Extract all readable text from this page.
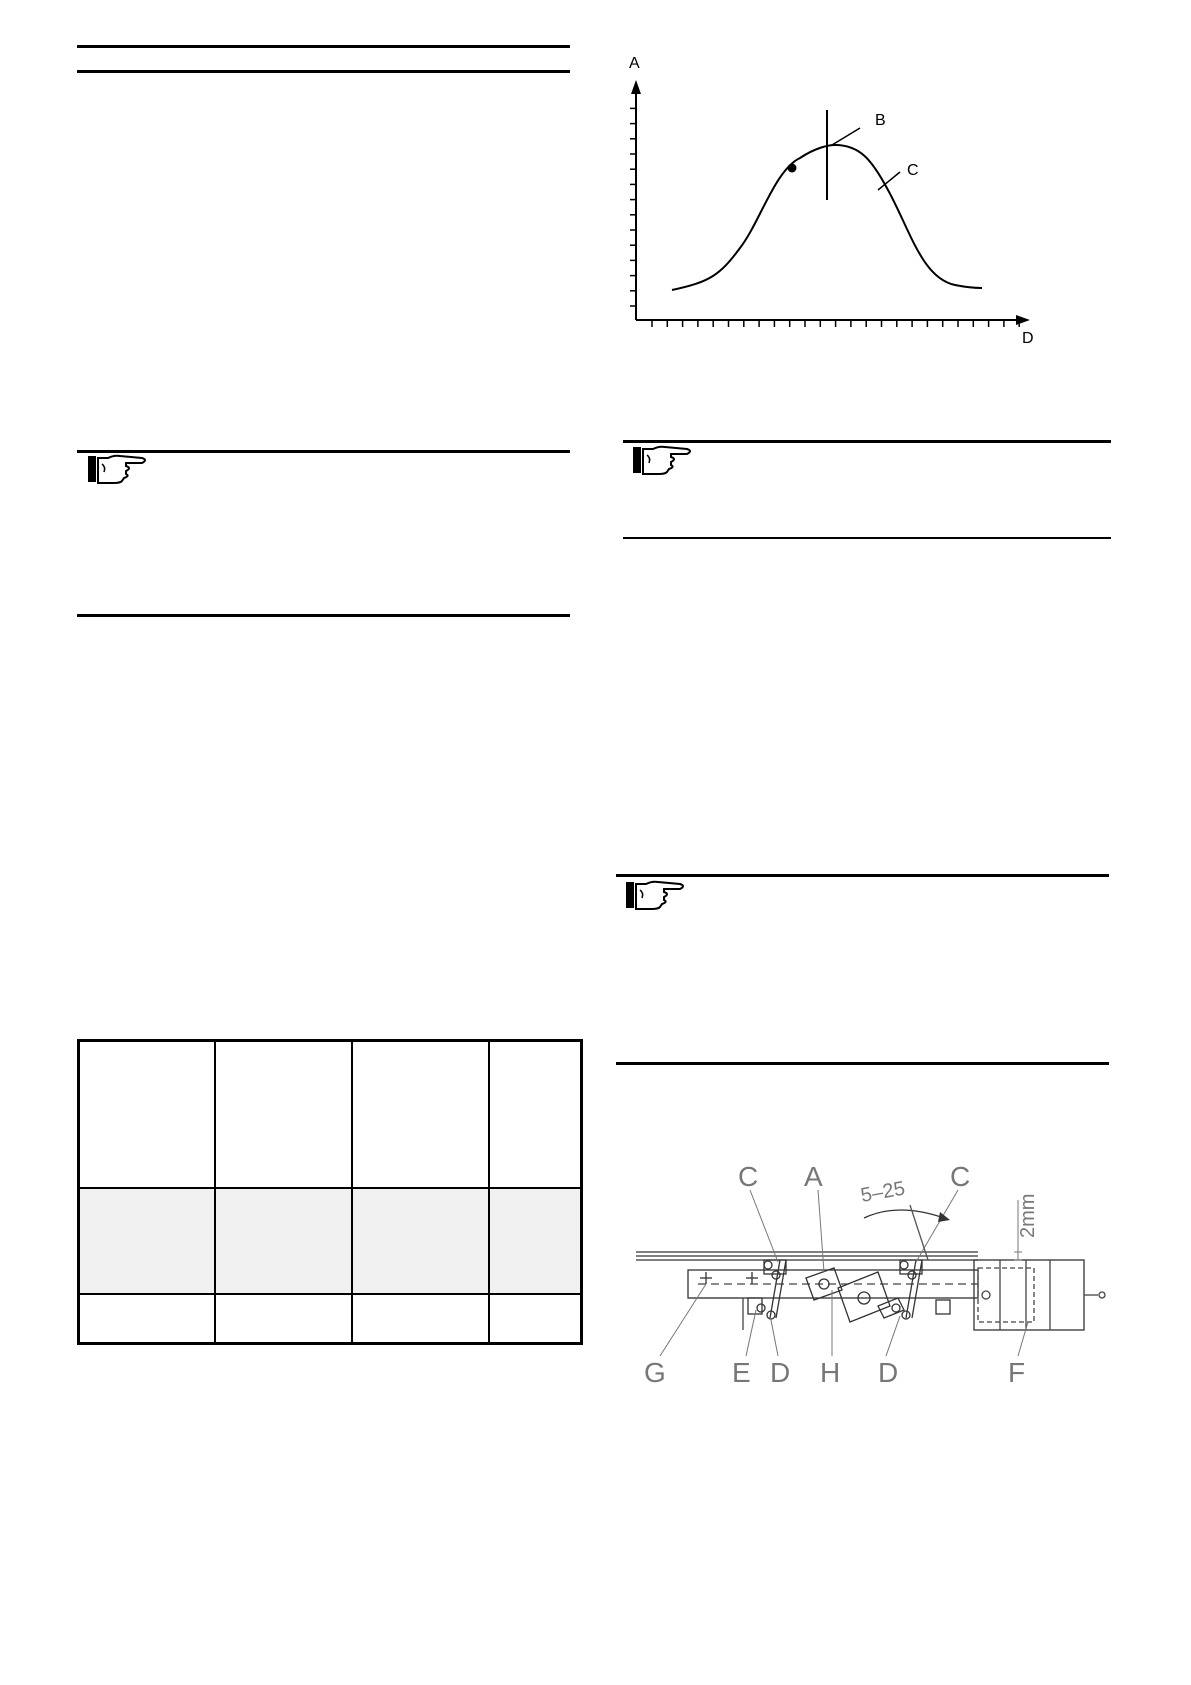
A
D
B
C

C A	C
G E D H D	F
5–25
2mm
